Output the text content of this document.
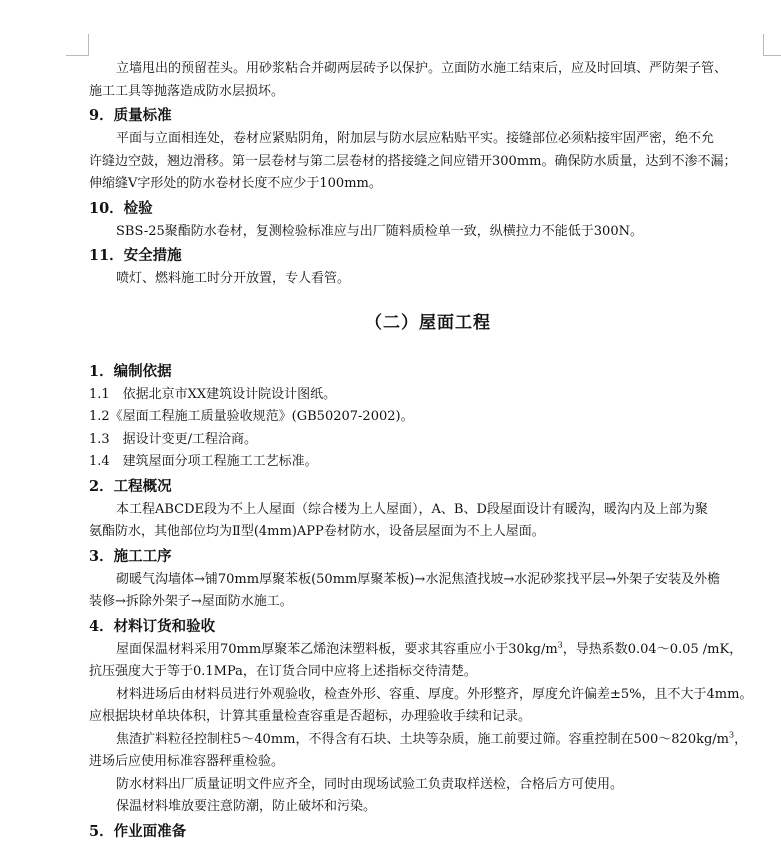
立墙甩出的预留茬头。用砂浆粘合并砌两层砖予以保护。立面防水施工结束后，应及时回填、严防架子管、

施工工具等抛落造成防水层损坏。

9．质量标准

平面与立面相连处，卷材应紧贴阴角，附加层与防水层应粘贴平实。接缝部位必须粘接牢固严密，绝不允

许缝边空鼓，翘边滑移。第一层卷材与第二层卷材的搭接缝之间应错开300mm。确保防水质量，达到不渗不漏；

伸缩缝V字形处的防水卷材长度不应少于100mm。

10．检验

SBS-25聚酯防水卷材，复测检验标准应与出厂随料质检单一致，纵横拉力不能低于300N。

11．安全措施

喷灯、燃料施工时分开放置，专人看管。

（二）屋面工程

1．编制依据

1.1　依据北京市XX建筑设计院设计图纸。

1.2《屋面工程施工质量验收规范》(GB50207-2002)。

1.3　据设计变更/工程洽商。

1.4　建筑屋面分项工程施工工艺标准。

2．工程概况

本工程ABCDE段为不上人屋面（综合楼为上人屋面），A、B、D段屋面设计有暖沟，暖沟内及上部为聚

氨酯防水，其他部位均为Ⅱ型(4mm)APP卷材防水，设备层屋面为不上人屋面。

3．施工工序

砌暖气沟墙体→铺70mm厚聚苯板(50mm厚聚苯板)→水泥焦渣找坡→水泥砂浆找平层→外架子安装及外檐

装修→拆除外架子→屋面防水施工。

4．材料订货和验收

屋面保温材料采用70mm厚聚苯乙烯泡沫塑料板，要求其容重应小于$30kg/m^3$，导热系数0.04～0.05 /mK，

抗压强度大于等于0.1MPa，在订货合同中应将上述指标交待清楚。

材料进场后由材料员进行外观验收，检查外形、容重、厚度。外形整齐，厚度允许偏差±5%，且不大于4mm。

应根据块材单块体积，计算其重量检查容重是否超标，办理验收手续和记录。

焦渣扩料粒径控制柱5～40mm，不得含有石块、土块等杂质，施工前要过筛。容重控制在$500\sim 820kg/m^3$，

进场后应使用标准容器秤重检验。

防水材料出厂质量证明文件应齐全，同时由现场试验工负责取样送检，合格后方可使用。

保温材料堆放要注意防潮，防止破坏和污染。

5．作业面准备
